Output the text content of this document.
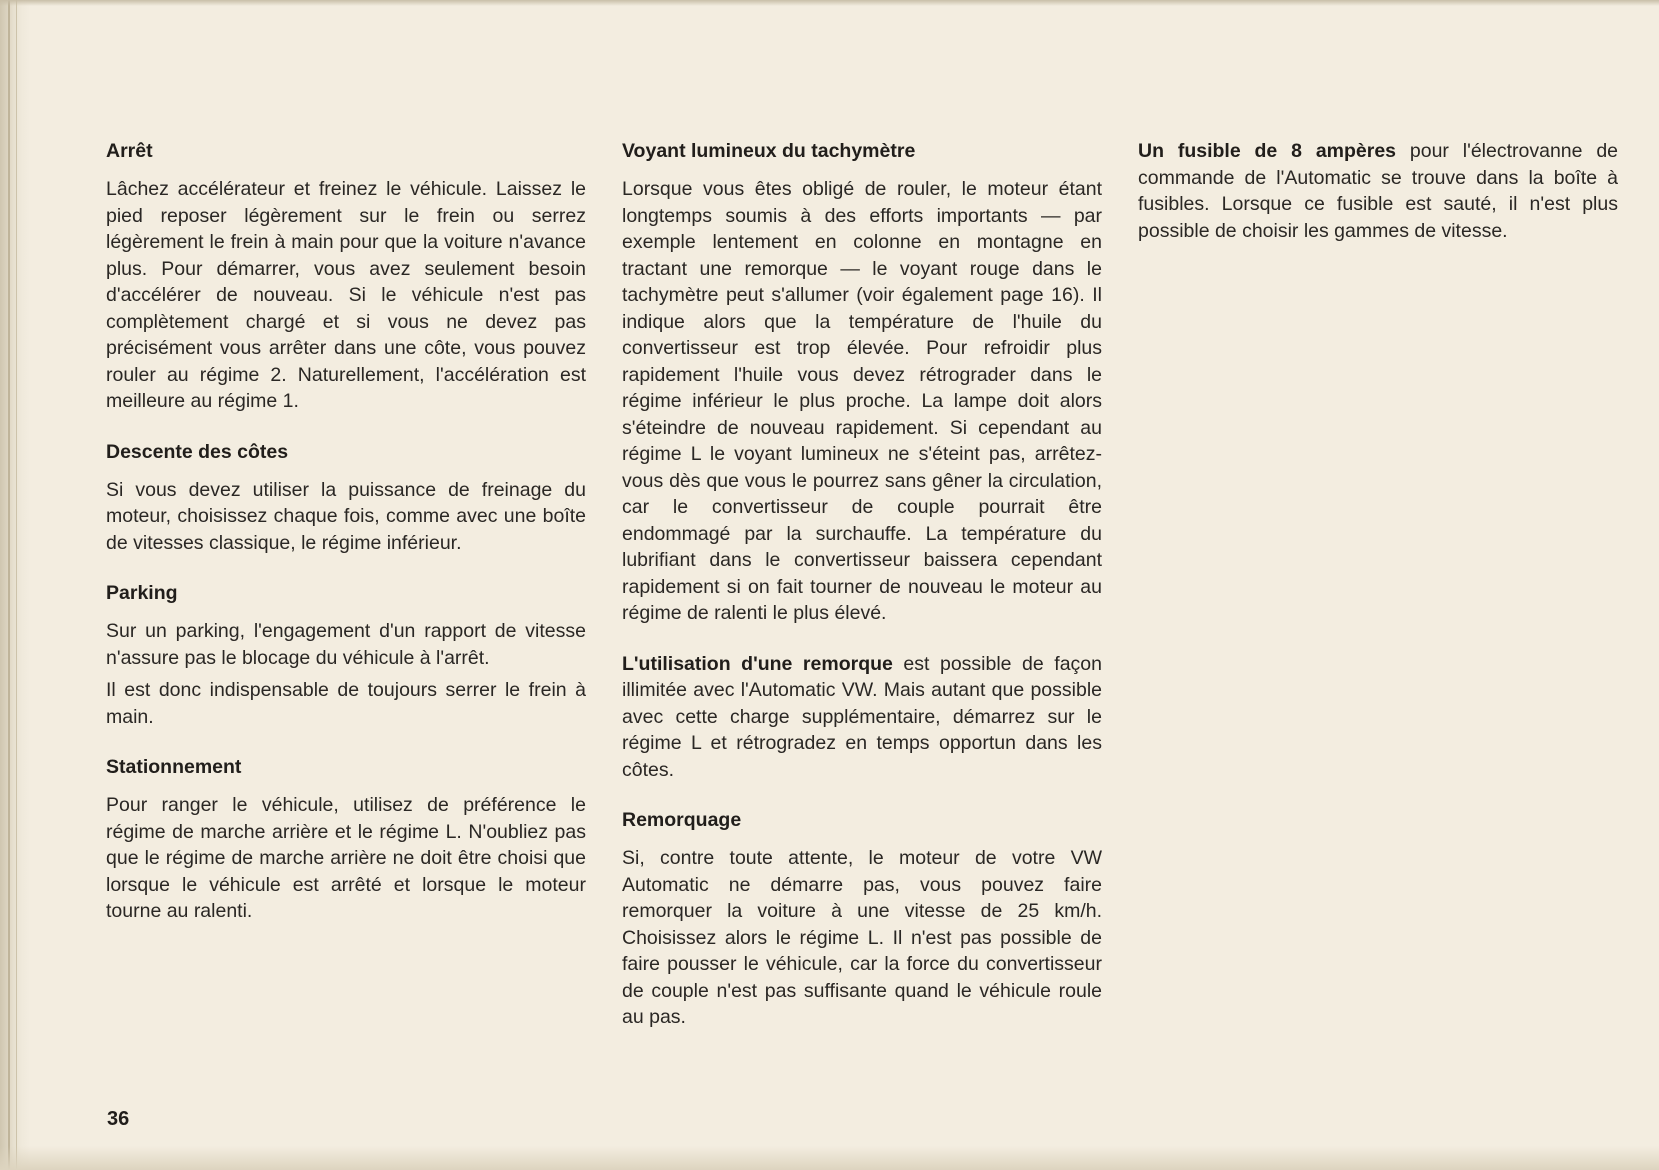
Arrêt
Lâchez accélérateur et freinez le véhicule. Laissez le pied reposer légèrement sur le frein ou serrez légèrement le frein à main pour que la voiture n'avance plus. Pour démarrer, vous avez seulement besoin d'accélérer de nouveau. Si le véhicule n'est pas complètement chargé et si vous ne devez pas précisément vous arrêter dans une côte, vous pouvez rouler au régime 2. Naturellement, l'accélération est meilleure au régime 1.
Descente des côtes
Si vous devez utiliser la puissance de freinage du moteur, choisissez chaque fois, comme avec une boîte de vitesses classique, le régime inférieur.
Parking
Sur un parking, l'engagement d'un rapport de vitesse n'assure pas le blocage du véhicule à l'arrêt.
Il est donc indispensable de toujours serrer le frein à main.
Stationnement
Pour ranger le véhicule, utilisez de préférence le régime de marche arrière et le régime L. N'oubliez pas que le régime de marche arrière ne doit être choisi que lorsque le véhicule est arrêté et lorsque le moteur tourne au ralenti.
Voyant lumineux du tachymètre
Lorsque vous êtes obligé de rouler, le moteur étant longtemps soumis à des efforts importants — par exemple lentement en colonne en montagne en tractant une remorque — le voyant rouge dans le tachymètre peut s'allumer (voir également page 16). Il indique alors que la température de l'huile du convertisseur est trop élevée. Pour refroidir plus rapidement l'huile vous devez rétrograder dans le régime inférieur le plus proche. La lampe doit alors s'éteindre de nouveau rapidement. Si cependant au régime L le voyant lumineux ne s'éteint pas, arrêtez-vous dès que vous le pourrez sans gêner la circulation, car le convertisseur de couple pourrait être endommagé par la surchauffe. La température du lubrifiant dans le convertisseur baissera cependant rapidement si on fait tourner de nouveau le moteur au régime de ralenti le plus élevé.
L'utilisation d'une remorque est possible de façon illimitée avec l'Automatic VW. Mais autant que possible avec cette charge supplémentaire, démarrez sur le régime L et rétrogradez en temps opportun dans les côtes.
Remorquage
Si, contre toute attente, le moteur de votre VW Automatic ne démarre pas, vous pouvez faire remorquer la voiture à une vitesse de 25 km/h. Choisissez alors le régime L. Il n'est pas possible de faire pousser le véhicule, car la force du convertisseur de couple n'est pas suffisante quand le véhicule roule au pas.
Un fusible de 8 ampères pour l'électrovanne de commande de l'Automatic se trouve dans la boîte à fusibles. Lorsque ce fusible est sauté, il n'est plus possible de choisir les gammes de vitesse.
36
